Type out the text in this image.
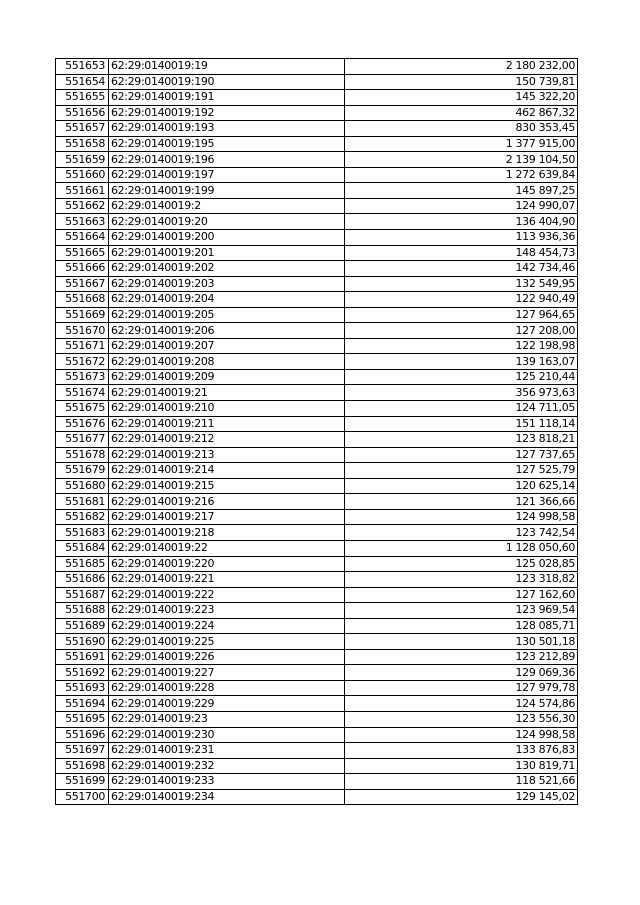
551653	62:29:0140019:19	2 180 232,00
551654	62:29:0140019:190	150 739,81
551655	62:29:0140019:191	145 322,20
551656	62:29:0140019:192	462 867,32
551657	62:29:0140019:193	830 353,45
551658	62:29:0140019:195	1 377 915,00
551659	62:29:0140019:196	2 139 104,50
551660	62:29:0140019:197	1 272 639,84
551661	62:29:0140019:199	145 897,25
551662	62:29:0140019:2	124 990,07
551663	62:29:0140019:20	136 404,90
551664	62:29:0140019:200	113 936,36
551665	62:29:0140019:201	148 454,73
551666	62:29:0140019:202	142 734,46
551667	62:29:0140019:203	132 549,95
551668	62:29:0140019:204	122 940,49
551669	62:29:0140019:205	127 964,65
551670	62:29:0140019:206	127 208,00
551671	62:29:0140019:207	122 198,98
551672	62:29:0140019:208	139 163,07
551673	62:29:0140019:209	125 210,44
551674	62:29:0140019:21	356 973,63
551675	62:29:0140019:210	124 711,05
551676	62:29:0140019:211	151 118,14
551677	62:29:0140019:212	123 818,21
551678	62:29:0140019:213	127 737,65
551679	62:29:0140019:214	127 525,79
551680	62:29:0140019:215	120 625,14
551681	62:29:0140019:216	121 366,66
551682	62:29:0140019:217	124 998,58
551683	62:29:0140019:218	123 742,54
551684	62:29:0140019:22	1 128 050,60
551685	62:29:0140019:220	125 028,85
551686	62:29:0140019:221	123 318,82
551687	62:29:0140019:222	127 162,60
551688	62:29:0140019:223	123 969,54
551689	62:29:0140019:224	128 085,71
551690	62:29:0140019:225	130 501,18
551691	62:29:0140019:226	123 212,89
551692	62:29:0140019:227	129 069,36
551693	62:29:0140019:228	127 979,78
551694	62:29:0140019:229	124 574,86
551695	62:29:0140019:23	123 556,30
551696	62:29:0140019:230	124 998,58
551697	62:29:0140019:231	133 876,83
551698	62:29:0140019:232	130 819,71
551699	62:29:0140019:233	118 521,66
551700	62:29:0140019:234	129 145,02
